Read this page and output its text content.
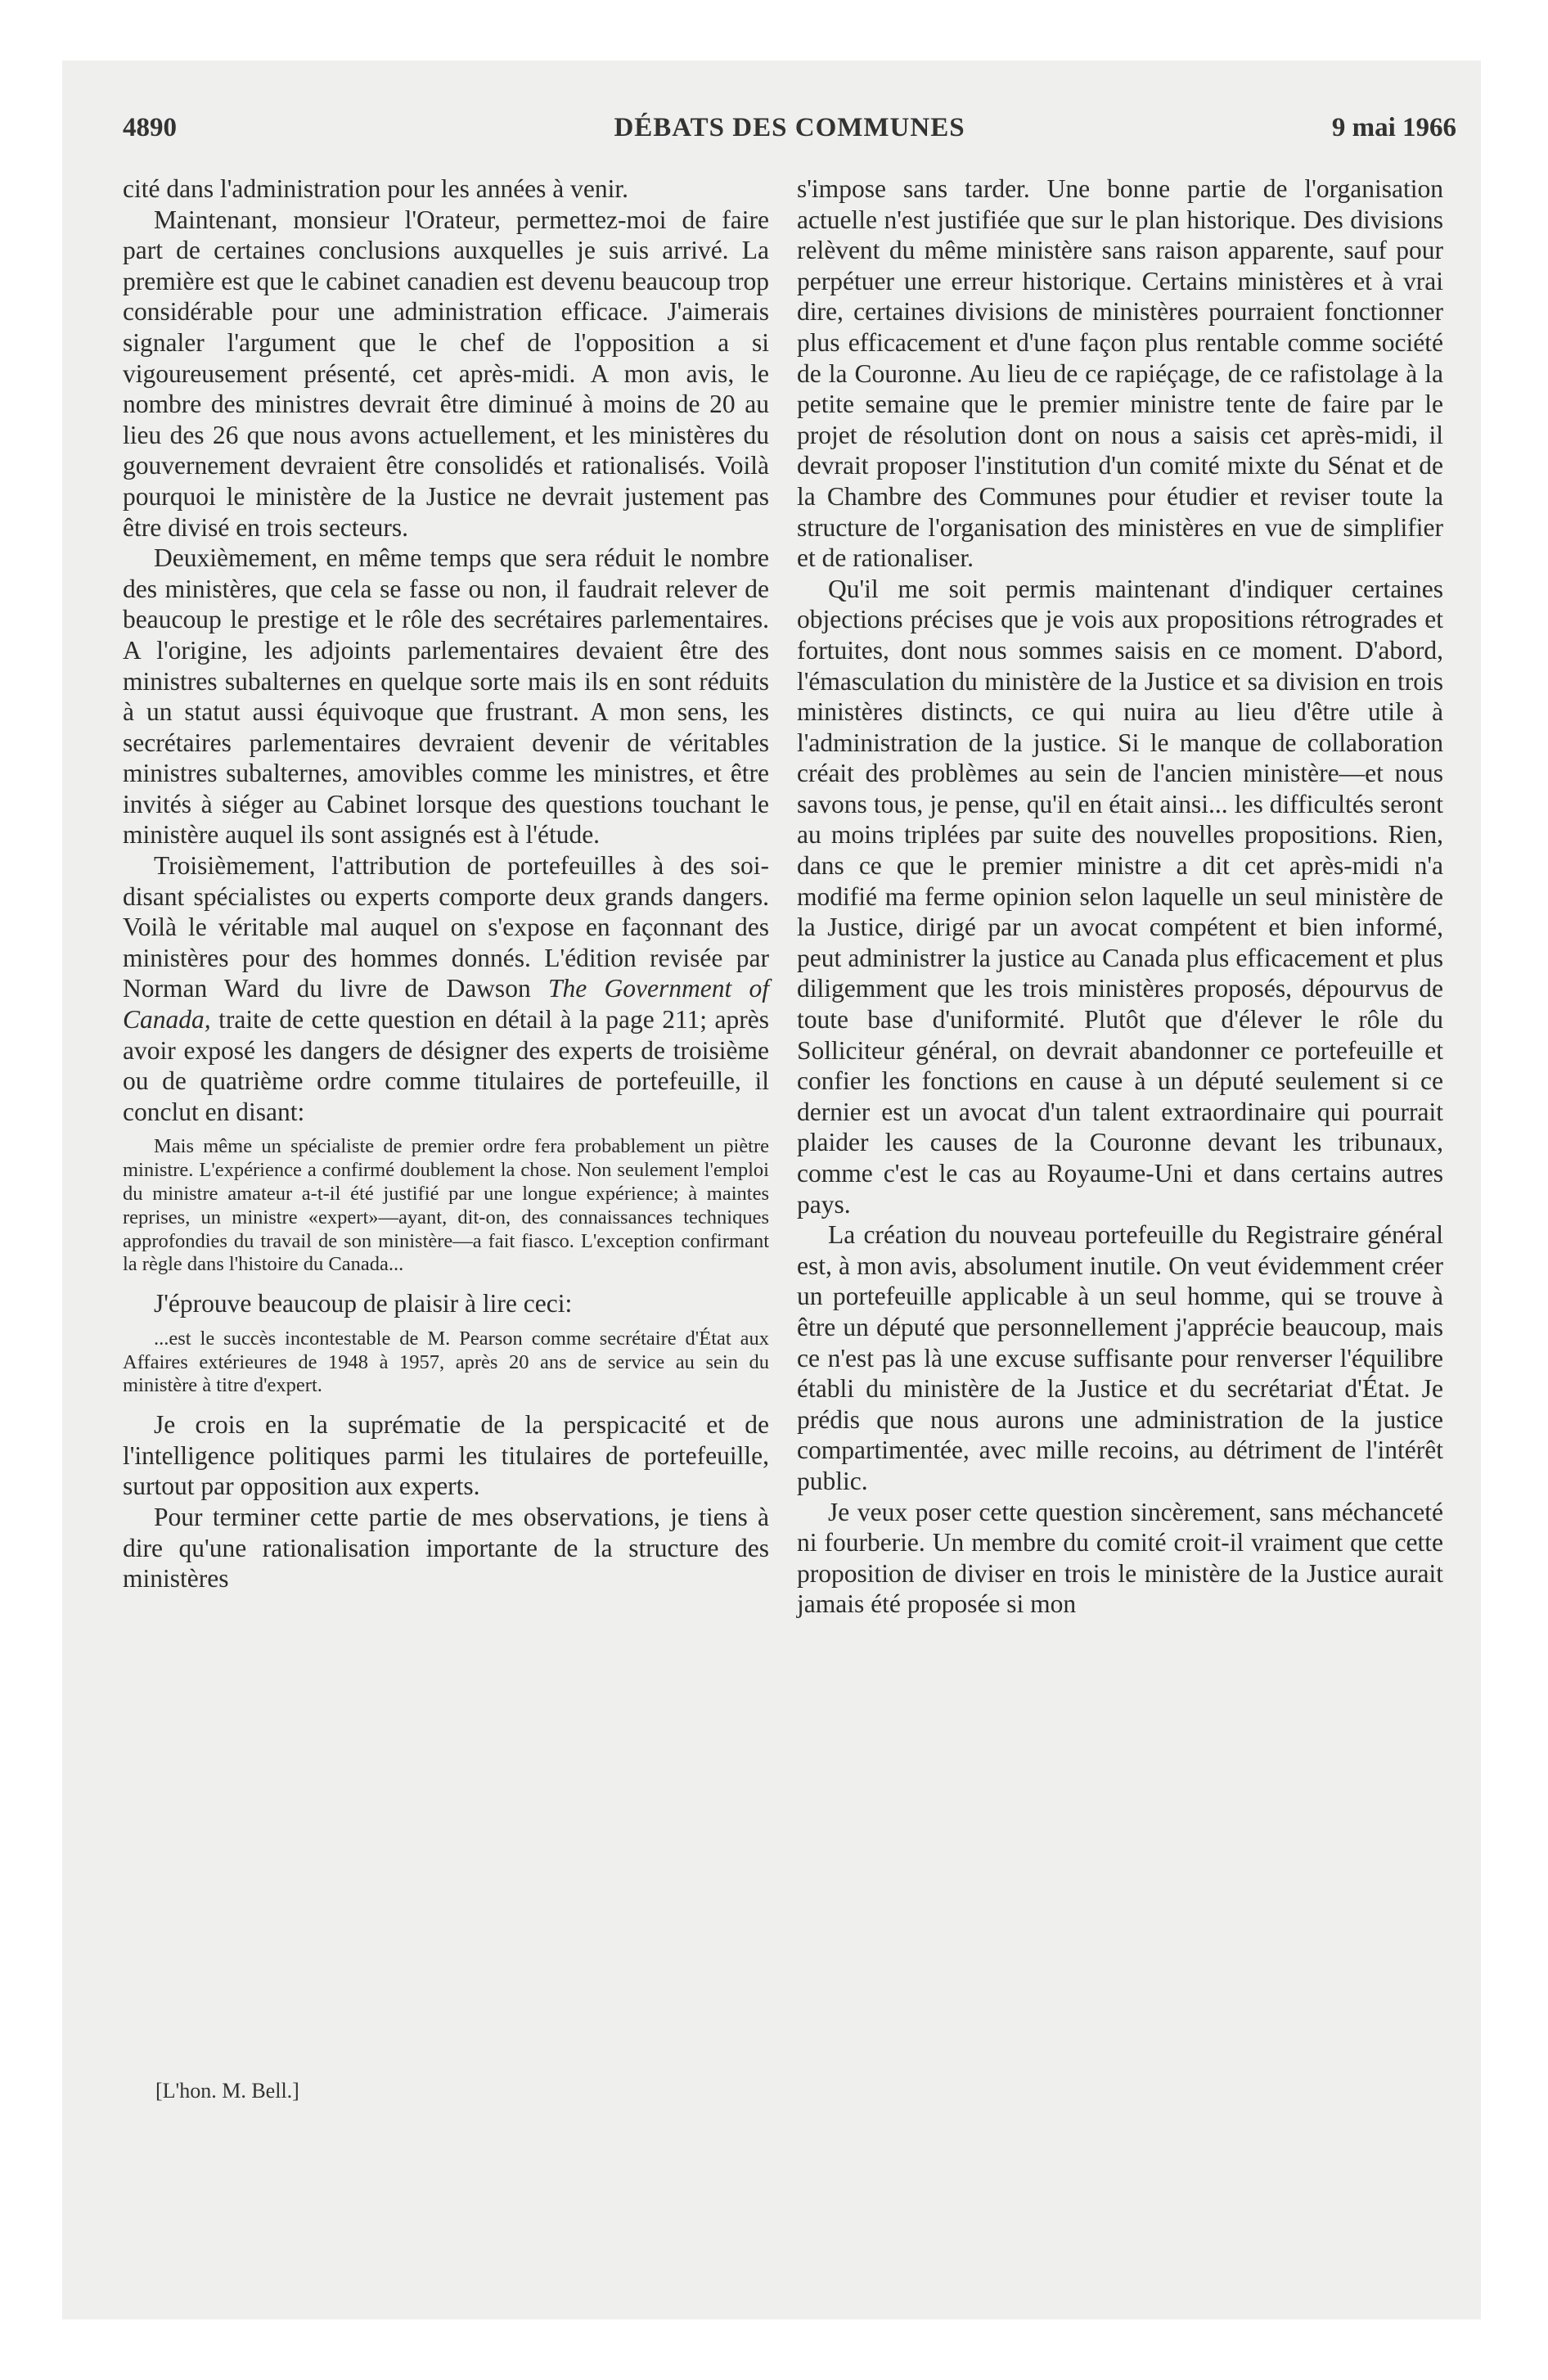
DÉBATS DES COMMUNES
4890	9 mai 1966

cité dans l'administration pour les années à venir.

Maintenant, monsieur l'Orateur, permettez-moi de faire part de certaines conclusions auxquelles je suis arrivé. La première est que le cabinet canadien est devenu beaucoup trop considérable pour une administration efficace. J'aimerais signaler l'argument que le chef de l'opposition a si vigoureusement présenté, cet après-midi. A mon avis, le nombre des ministres devrait être diminué à moins de 20 au lieu des 26 que nous avons actuellement, et les ministères du gouvernement devraient être consolidés et rationalisés. Voilà pourquoi le ministère de la Justice ne devrait justement pas être divisé en trois secteurs.

Deuxièmement, en même temps que sera réduit le nombre des ministères, que cela se fasse ou non, il faudrait relever de beaucoup le prestige et le rôle des secrétaires parlementaires. A l'origine, les adjoints parlementaires devaient être des ministres subalternes en quelque sorte mais ils en sont réduits à un statut aussi équivoque que frustrant. A mon sens, les secrétaires parlementaires devraient devenir de véritables ministres subalternes, amovibles comme les ministres, et être invités à siéger au Cabinet lorsque des questions touchant le ministère auquel ils sont assignés est à l'étude.

Troisièmement, l'attribution de portefeuilles à des soi-disant spécialistes ou experts comporte deux grands dangers. Voilà le véritable mal auquel on s'expose en façonnant des ministères pour des hommes donnés. L'édition revisée par Norman Ward du livre de Dawson The Government of Canada, traite de cette question en détail à la page 211; après avoir exposé les dangers de désigner des experts de troisième ou de quatrième ordre comme titulaires de portefeuille, il conclut en disant:

Mais même un spécialiste de premier ordre fera probablement un piètre ministre. L'expérience a confirmé doublement la chose. Non seulement l'emploi du ministre amateur a-t-il été justifié par une longue expérience; à maintes reprises, un ministre «expert»—ayant, dit-on, des connaissances techniques approfondies du travail de son ministère—a fait fiasco. L'exception confirmant la règle dans l'histoire du Canada...

J'éprouve beaucoup de plaisir à lire ceci:

...est le succès incontestable de M. Pearson comme secrétaire d'État aux Affaires extérieures de 1948 à 1957, après 20 ans de service au sein du ministère à titre d'expert.

Je crois en la suprématie de la perspicacité et de l'intelligence politiques parmi les titulaires de portefeuille, surtout par opposition aux experts.

Pour terminer cette partie de mes observations, je tiens à dire qu'une rationalisation importante de la structure des ministères

s'impose sans tarder. Une bonne partie de l'organisation actuelle n'est justifiée que sur le plan historique. Des divisions relèvent du même ministère sans raison apparente, sauf pour perpétuer une erreur historique. Certains ministères et à vrai dire, certaines divisions de ministères pourraient fonctionner plus efficacement et d'une façon plus rentable comme société de la Couronne. Au lieu de ce rapiéçage, de ce rafistolage à la petite semaine que le premier ministre tente de faire par le projet de résolution dont on nous a saisis cet après-midi, il devrait proposer l'institution d'un comité mixte du Sénat et de la Chambre des Communes pour étudier et reviser toute la structure de l'organisation des ministères en vue de simplifier et de rationaliser.

Qu'il me soit permis maintenant d'indiquer certaines objections précises que je vois aux propositions rétrogrades et fortuites, dont nous sommes saisis en ce moment. D'abord, l'émasculation du ministère de la Justice et sa division en trois ministères distincts, ce qui nuira au lieu d'être utile à l'administration de la justice. Si le manque de collaboration créait des problèmes au sein de l'ancien ministère—et nous savons tous, je pense, qu'il en était ainsi... les difficultés seront au moins triplées par suite des nouvelles propositions. Rien, dans ce que le premier ministre a dit cet après-midi n'a modifié ma ferme opinion selon laquelle un seul ministère de la Justice, dirigé par un avocat compétent et bien informé, peut administrer la justice au Canada plus efficacement et plus diligemment que les trois ministères proposés, dépourvus de toute base d'uniformité. Plutôt que d'élever le rôle du Solliciteur général, on devrait abandonner ce portefeuille et confier les fonctions en cause à un député seulement si ce dernier est un avocat d'un talent extraordinaire qui pourrait plaider les causes de la Couronne devant les tribunaux, comme c'est le cas au Royaume-Uni et dans certains autres pays.

La création du nouveau portefeuille du Registraire général est, à mon avis, absolument inutile. On veut évidemment créer un portefeuille applicable à un seul homme, qui se trouve à être un député que personnellement j'apprécie beaucoup, mais ce n'est pas là une excuse suffisante pour renverser l'équilibre établi du ministère de la Justice et du secrétariat d'État. Je prédis que nous aurons une administration de la justice compartimentée, avec mille recoins, au détriment de l'intérêt public.

Je veux poser cette question sincèrement, sans méchanceté ni fourberie. Un membre du comité croit-il vraiment que cette proposition de diviser en trois le ministère de la Justice aurait jamais été proposée si mon

[L'hon. M. Bell.]
